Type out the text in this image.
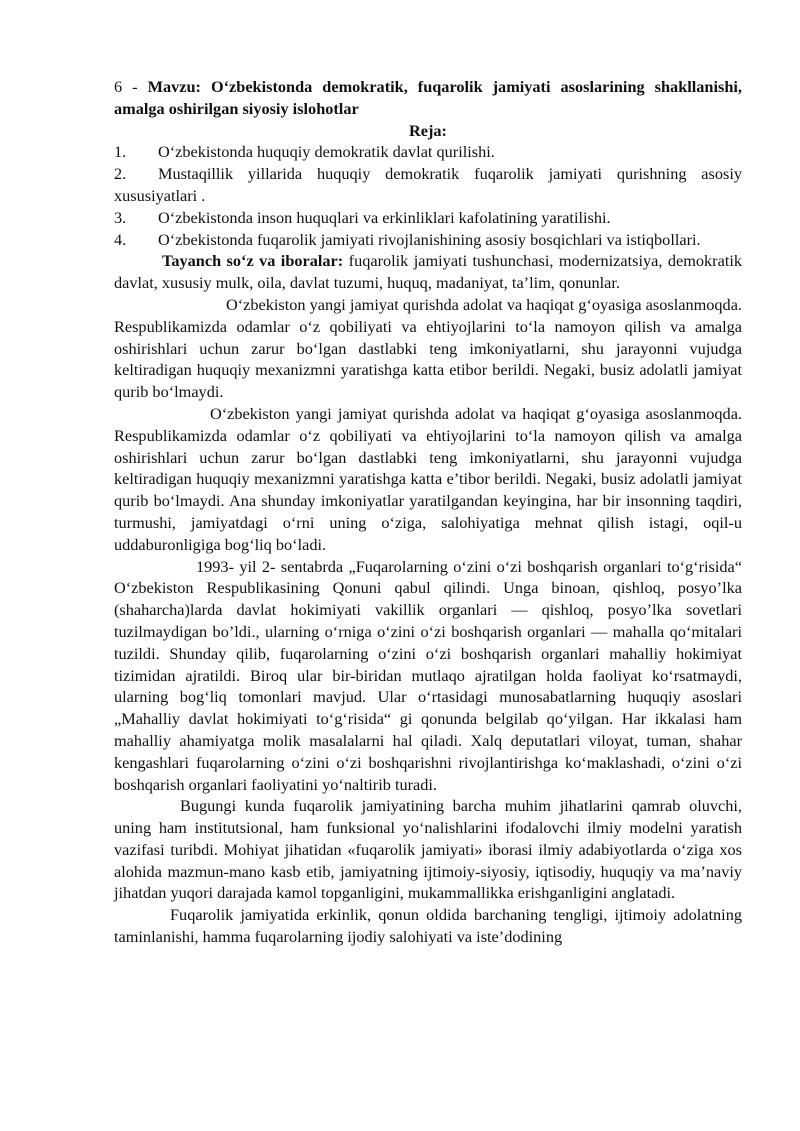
6 - Mavzu: O‘zbekistonda demokratik, fuqarolik jamiyati asoslarining shakllanishi, amalga oshirilgan siyosiy islohotlar

Reja:

1.	O‘zbekistonda huquqiy demokratik davlat qurilishi.

2. Mustaqillik yillarida huquqiy demokratik fuqarolik jamiyati qurishning asosiy xususiyatlari .

3.	O‘zbekistonda inson huquqlari va erkinliklari kafolatining yaratilishi.

4. O‘zbekistonda fuqarolik jamiyati rivojlanishining asosiy bosqichlari va istiqbollari.

Tayanch so‘z va iboralar: fuqarolik jamiyati tushunchasi, modernizatsiya, demokratik davlat, xususiy mulk, oila, davlat tuzumi, huquq, madaniyat, ta’lim, qonunlar.

O‘zbekiston yangi jamiyat qurishda adolat va haqiqat g‘oyasiga asoslanmoqda. Respublikamizda odamlar o‘z qobiliyati va ehtiyojlarini to‘la namoyon qilish va amalga oshirishlari uchun zarur bo‘lgan dastlabki teng imkoniyatlarni, shu jarayonni vujudga keltiradigan huquqiy mexanizmni yaratishga katta etibor berildi. Negaki, busiz adolatli jamiyat qurib bo‘lmaydi.

O‘zbekiston yangi jamiyat qurishda adolat va haqiqat g‘oyasiga asoslanmoqda. Respublikamizda odamlar o‘z qobiliyati va ehtiyojlarini to‘la namoyon qilish va amalga oshirishlari uchun zarur bo‘lgan dastlabki teng imkoniyatlarni, shu jarayonni vujudga keltiradigan huquqiy mexanizmni yaratishga katta e’tibor berildi. Negaki, busiz adolatli jamiyat qurib bo‘lmaydi. Ana shunday imkoniyatlar yaratilgandan keyingina, har bir insonning taqdiri, turmushi, jamiyatdagi o‘rni uning o‘ziga, salohiyatiga mehnat qilish istagi, oqil-u uddaburonligiga bog‘liq bo‘ladi.

1993- yil 2- sentabrda „Fuqarolarning o‘zini o‘zi boshqarish organlari to‘g‘risida“ O‘zbekiston Respublikasining Qonuni qabul qilindi. Unga binoan, qishloq, posyo’lka (shaharcha)larda davlat hokimiyati vakillik organlari — qishloq, posyo’lka sovetlari tuzilmaydigan bo’ldi., ularning o‘rniga o‘zini o‘zi boshqarish organlari — mahalla qo‘mitalari tuzildi. Shunday qilib, fuqarolarning o‘zini o‘zi boshqarish organlari mahalliy hokimiyat tizimidan ajratildi. Biroq ular bir-biridan mutlaqo ajratilgan holda faoliyat ko‘rsatmaydi, ularning bog‘liq tomonlari mavjud. Ular o‘rtasidagi munosabatlarning huquqiy asoslari „Mahalliy davlat hokimiyati to‘g‘risida“ gi qonunda belgilab qo‘yilgan. Har ikkalasi ham mahalliy ahamiyatga molik masalalarni hal qiladi. Xalq deputatlari viloyat, tuman, shahar kengashlari fuqarolarning o‘zini o‘zi boshqarishni rivojlantirishga ko‘maklashadi, o‘zini o‘zi boshqarish organlari faoliyatini yo‘naltirib turadi.

Bugungi kunda fuqarolik jamiyatining barcha muhim jihatlarini qamrab oluvchi, uning ham institutsional, ham funksional yo‘nalishlarini ifodalovchi ilmiy modelni yaratish vazifasi turibdi. Mohiyat jihatidan «fuqarolik jamiyati» iborasi ilmiy adabiyotlarda o‘ziga xos alohida mazmun-mano kasb etib, jamiyatning ijtimoiy-siyosiy, iqtisodiy, huquqiy va ma’naviy jihatdan yuqori darajada kamol topganligini, mukammallikka erishganligini anglatadi.

Fuqarolik jamiyatida erkinlik, qonun oldida barchaning tengligi, ijtimoiy adolatning taminlanishi, hamma fuqarolarning ijodiy salohiyati va iste’dodining
